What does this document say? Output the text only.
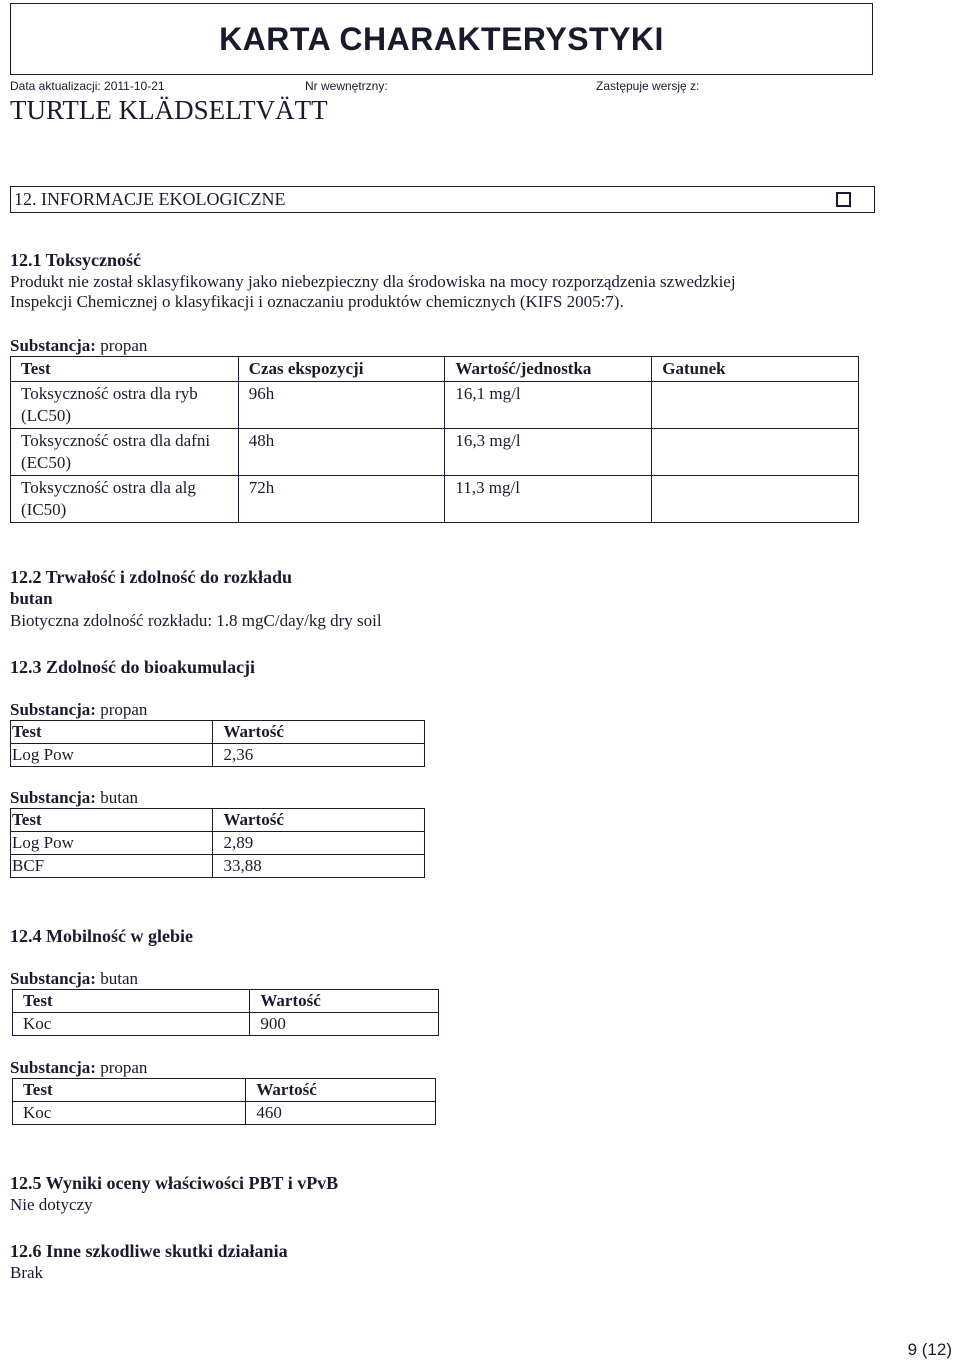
KARTA CHARAKTERYSTYKI
Data aktualizacji: 2011-10-21	Nr wewnętrzny:	Zastępuje wersję z:
TURTLE KLÄDSELTVÄTT
12. INFORMACJE EKOLOGICZNE
12.1 Toksyczność
Produkt nie został sklasyfikowany jako niebezpieczny dla środowiska na mocy rozporządzenia szwedzkiej
Inspekcji Chemicznej o klasyfikacji i oznaczaniu produktów chemicznych (KIFS 2005:7).
Substancja: propan
Test	Czas ekspozycji	Wartość/jednostka	Gatunek
Toksyczność ostra dla ryb (LC50)	96h	16,1 mg/l	
Toksyczność ostra dla dafni (EC50)	48h	16,3 mg/l	
Toksyczność ostra dla alg (IC50)	72h	11,3 mg/l	
12.2 Trwałość i zdolność do rozkładu
butan
Biotyczna zdolność rozkładu: 1.8 mgC/day/kg dry soil
12.3 Zdolność do bioakumulacji
Substancja: propan
Test	Wartość
Log Pow	2,36
Substancja: butan
Test	Wartość
Log Pow	2,89
BCF	33,88
12.4 Mobilność w glebie
Substancja: butan
Test	Wartość
Koc	900
Substancja: propan
Test	Wartość
Koc	460
12.5 Wyniki oceny właściwości PBT i vPvB
Nie dotyczy
12.6 Inne szkodliwe skutki działania
Brak
9 (12)
